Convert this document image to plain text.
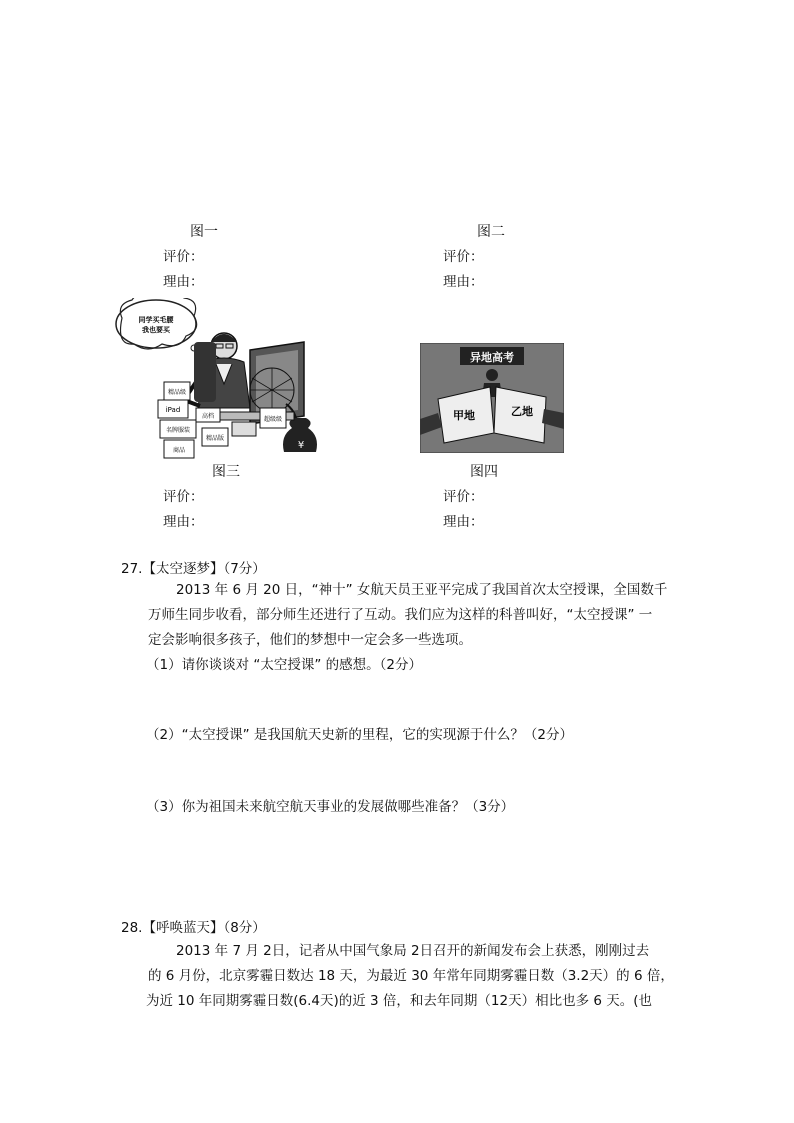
图一	图二
评价：	评价：
理由：	理由：
同学买毛腰
我也要买
¥
精品级
iPad
名牌服装
商品
高档
精品版
超级级
异地高考
甲地	乙地
图三	图四
评价：	评价：
理由：	理由：
27.【太空逐梦】（7分）
2013 年 6 月 20 日，“神十” 女航天员王亚平完成了我国首次太空授课，全国数千
万师生同步收看，部分师生还进行了互动。我们应为这样的科普叫好，“太空授课” 一
定会影响很多孩子，他们的梦想中一定会多一些选项。
（1）请你谈谈对 “太空授课” 的感想。（2分）
（2）“太空授课” 是我国航天史新的里程，它的实现源于什么？（2分）
（3）你为祖国未来航空航天事业的发展做哪些准备？（3分）
28.【呼唤蓝天】（8分）
2013 年 7 月 2日，记者从中国气象局 2日召开的新闻发布会上获悉，刚刚过去
的 6 月份，北京雾霾日数达 18 天，为最近 30 年常年同期雾霾日数（3.2天）的 6 倍，
为近 10 年同期雾霾日数(6.4天)的近 3 倍，和去年同期（12天）相比也多 6 天。(也
